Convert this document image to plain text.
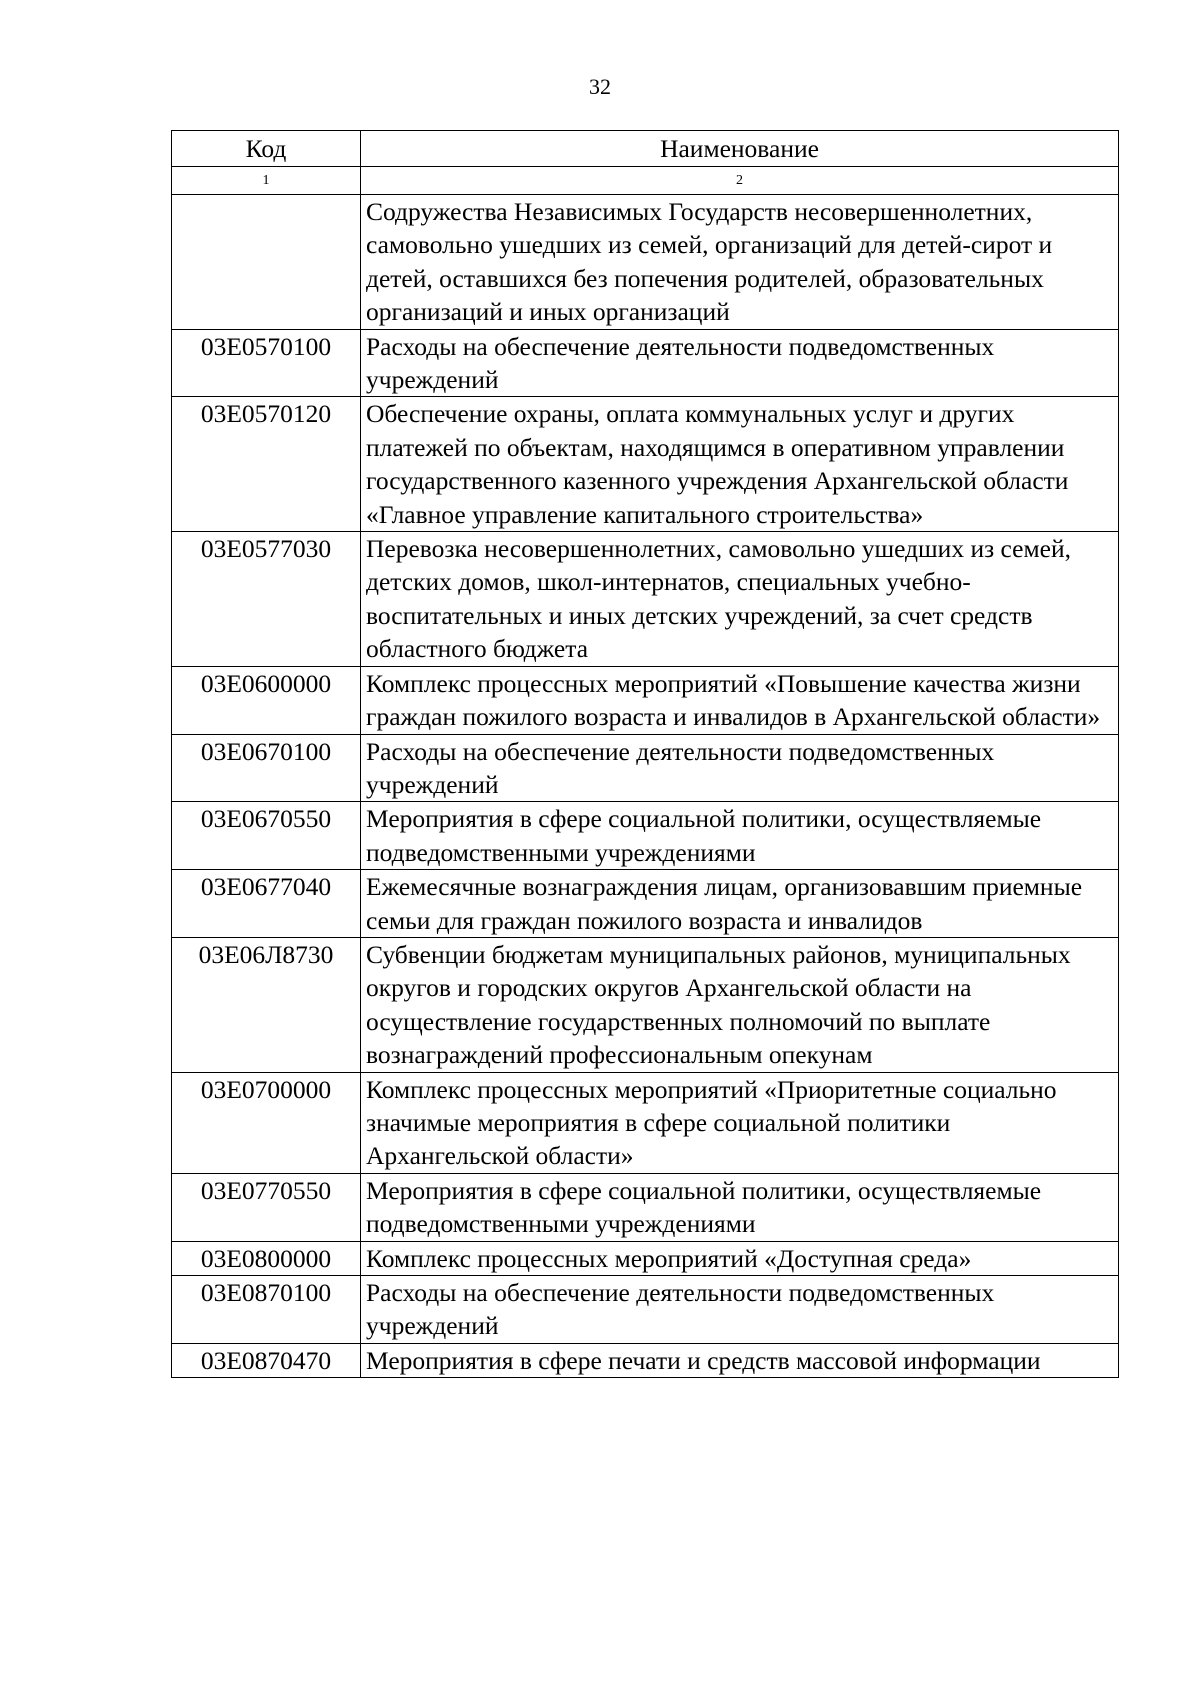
32
Код	Наименование
1	2
	Содружества Независимых Государств несовершеннолетних, самовольно ушедших из семей, организаций для детей-сирот и детей, оставшихся без попечения родителей, образовательных организаций и иных организаций
03Е0570100	Расходы на обеспечение деятельности подведомственных учреждений
03Е0570120	Обеспечение охраны, оплата коммунальных услуг и других платежей по объектам, находящимся в оперативном управлении государственного казенного учреждения Архангельской области «Главное управление капитального строительства»
03Е0577030	Перевозка несовершеннолетних, самовольно ушедших из семей, детских домов, школ-интернатов, специальных учебно-воспитательных и иных детских учреждений, за счет средств областного бюджета
03Е0600000	Комплекс процессных мероприятий «Повышение качества жизни граждан пожилого возраста и инвалидов в Архангельской области»
03Е0670100	Расходы на обеспечение деятельности подведомственных учреждений
03Е0670550	Мероприятия в сфере социальной политики, осуществляемые подведомственными учреждениями
03Е0677040	Ежемесячные вознаграждения лицам, организовавшим приемные семьи для граждан пожилого возраста и инвалидов
03Е06Л8730	Субвенции бюджетам муниципальных районов, муниципальных округов и городских округов Архангельской области на осуществление государственных полномочий по выплате вознаграждений профессиональным опекунам
03Е0700000	Комплекс процессных мероприятий «Приоритетные социально значимые мероприятия в сфере социальной политики Архангельской области»
03Е0770550	Мероприятия в сфере социальной политики, осуществляемые подведомственными учреждениями
03Е0800000	Комплекс процессных мероприятий «Доступная среда»
03Е0870100	Расходы на обеспечение деятельности подведомственных учреждений
03Е0870470	Мероприятия в сфере печати и средств массовой информации
